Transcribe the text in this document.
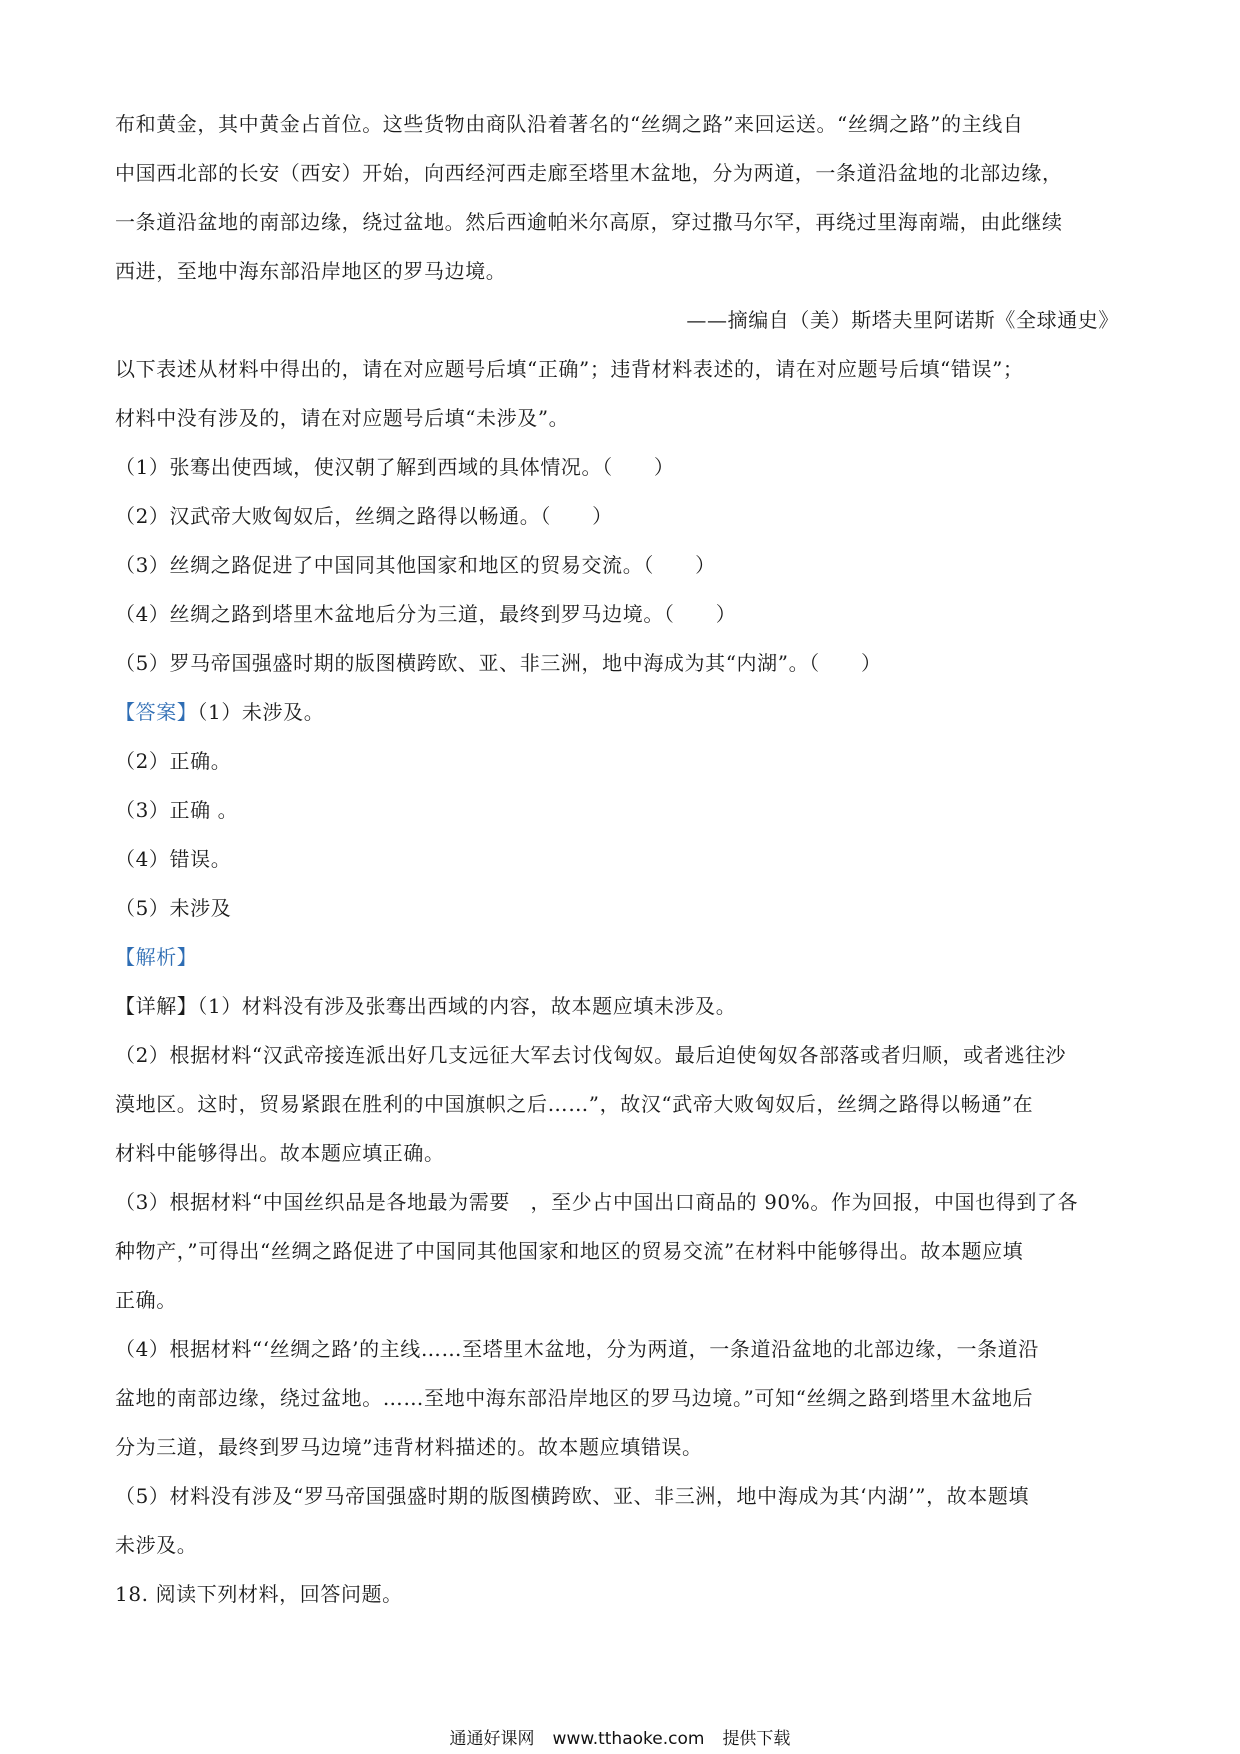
布和黄金，其中黄金占首位。这些货物由商队沿着著名的“丝绸之路”来回运送。“丝绸之路”的主线自
中国西北部的长安（西安）开始，向西经河西走廊至塔里木盆地，分为两道，一条道沿盆地的北部边缘，
一条道沿盆地的南部边缘，绕过盆地。然后西逾帕米尔高原，穿过撒马尔罕，再绕过里海南端，由此继续
西进，至地中海东部沿岸地区的罗马边境。
——摘编自（美）斯塔夫里阿诺斯《全球通史》
以下表述从材料中得出的，请在对应题号后填“正确”；违背材料表述的，请在对应题号后填“错误”；
材料中没有涉及的，请在对应题号后填“未涉及”。
（1）张骞出使西域，使汉朝了解到西域的具体情况。（　　）
（2）汉武帝大败匈奴后，丝绸之路得以畅通。（　　）
（3）丝绸之路促进了中国同其他国家和地区的贸易交流。（　　）
（4）丝绸之路到塔里木盆地后分为三道，最终到罗马边境。（　　）
（5）罗马帝国强盛时期的版图横跨欧、亚、非三洲，地中海成为其“内湖”。（　　）
【答案】（1）未涉及。
（2）正确。
（3）正确 。
（4）错误。
（5）未涉及
【解析】
【详解】（1）材料没有涉及张骞出西域的内容，故本题应填未涉及。
（2）根据材料“汉武帝接连派出好几支远征大军去讨伐匈奴。最后迫使匈奴各部落或者归顺，或者逃往沙
漠地区。这时，贸易紧跟在胜利的中国旗帜之后……”，故汉“武帝大败匈奴后，丝绸之路得以畅通”在
材料中能够得出。故本题应填正确。
（3）根据材料“中国丝织品是各地最为需要　，至少占中国出口商品的 90%。作为回报，中国也得到了各
种物产，”可得出“丝绸之路促进了中国同其他国家和地区的贸易交流”在材料中能够得出。故本题应填
正确。
（4）根据材料“‘丝绸之路’的主线……至塔里木盆地，分为两道，一条道沿盆地的北部边缘，一条道沿
盆地的南部边缘，绕过盆地。……至地中海东部沿岸地区的罗马边境。”可知“丝绸之路到塔里木盆地后
分为三道，最终到罗马边境”违背材料描述的。故本题应填错误。
（5）材料没有涉及“罗马帝国强盛时期的版图横跨欧、亚、非三洲，地中海成为其‘内湖’”，故本题填
未涉及。
18. 阅读下列材料，回答问题。
通通好课网 www.tthaoke.com 提供下载
